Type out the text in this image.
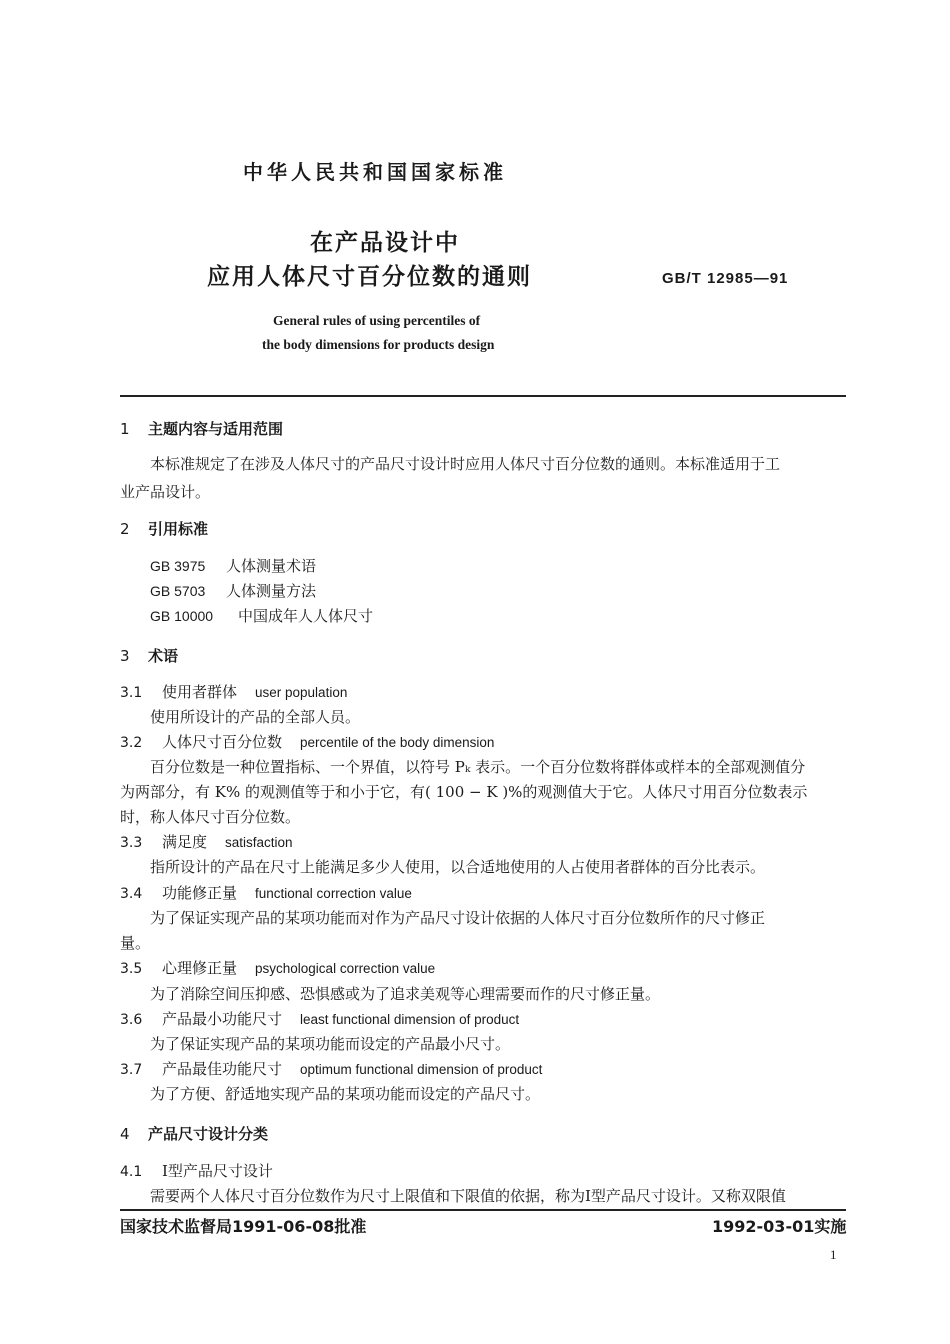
中华人民共和国国家标准
在产品设计中
应用人体尺寸百分位数的通则	GB/T 12985—91
General rules of using percentiles of
the body dimensions for products design
1 主题内容与适用范围
本标准规定了在涉及人体尺寸的产品尺寸设计时应用人体尺寸百分位数的通则。本标准适用于工
业产品设计。
2 引用标准
GB 3975 人体测量术语
GB 5703 人体测量方法
GB 10000 中国成年人人体尺寸
3 术语
3.1 使用者群体 user population
使用所设计的产品的全部人员。
3.2 人体尺寸百分位数 percentile of the body dimension
百分位数是一种位置指标、一个界值，以符号 Pₖ 表示。一个百分位数将群体或样本的全部观测值分
为两部分，有 K% 的观测值等于和小于它，有( 100 − K )%的观测值大于它。人体尺寸用百分位数表示
时，称人体尺寸百分位数。
3.3 满足度 satisfaction
指所设计的产品在尺寸上能满足多少人使用，以合适地使用的人占使用者群体的百分比表示。
3.4 功能修正量 functional correction value
为了保证实现产品的某项功能而对作为产品尺寸设计依据的人体尺寸百分位数所作的尺寸修正
量。
3.5 心理修正量 psychological correction value
为了消除空间压抑感、恐惧感或为了追求美观等心理需要而作的尺寸修正量。
3.6 产品最小功能尺寸 least functional dimension of product
为了保证实现产品的某项功能而设定的产品最小尺寸。
3.7 产品最佳功能尺寸 optimum functional dimension of product
为了方便、舒适地实现产品的某项功能而设定的产品尺寸。
4 产品尺寸设计分类
4.1 Ⅰ型产品尺寸设计
需要两个人体尺寸百分位数作为尺寸上限值和下限值的依据，称为Ⅰ型产品尺寸设计。又称双限值
国家技术监督局1991-06-08批准	1992-03-01实施
1
